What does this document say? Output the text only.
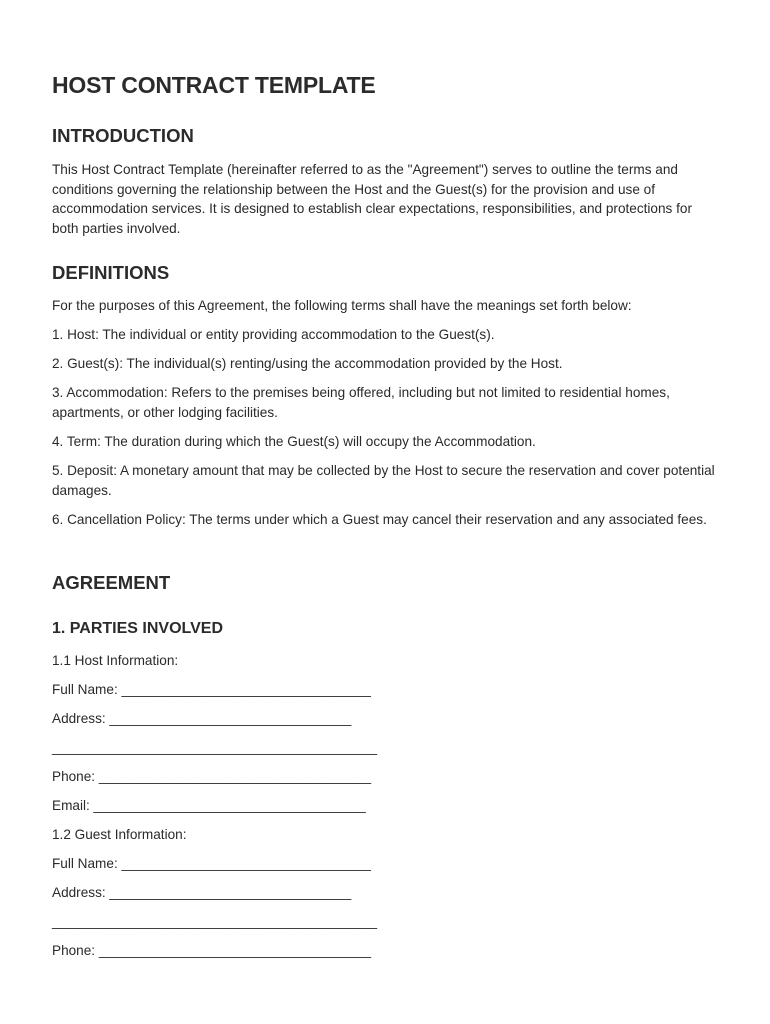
HOST CONTRACT TEMPLATE
INTRODUCTION

This Host Contract Template (hereinafter referred to as the "Agreement") serves to outline the terms and conditions governing the relationship between the Host and the Guest(s) for the provision and use of accommodation services. It is designed to establish clear expectations, responsibilities, and protections for both parties involved.

DEFINITIONS

For the purposes of this Agreement, the following terms shall have the meanings set forth below:

1. Host: The individual or entity providing accommodation to the Guest(s).

2. Guest(s): The individual(s) renting/using the accommodation provided by the Host.

3. Accommodation: Refers to the premises being offered, including but not limited to residential homes, apartments, or other lodging facilities.

4. Term: The duration during which the Guest(s) will occupy the Accommodation.

5. Deposit: A monetary amount that may be collected by the Host to secure the reservation and cover potential damages.

6. Cancellation Policy: The terms under which a Guest may cancel their reservation and any associated fees.

AGREEMENT
1. PARTIES INVOLVED

1.1 Host Information:

Full Name: _________________________________

Address: ________________________________

___________________________________________

Phone: ____________________________________

Email: ____________________________________

1.2 Guest Information:

Full Name: _________________________________

Address: ________________________________

___________________________________________

Phone: ____________________________________
